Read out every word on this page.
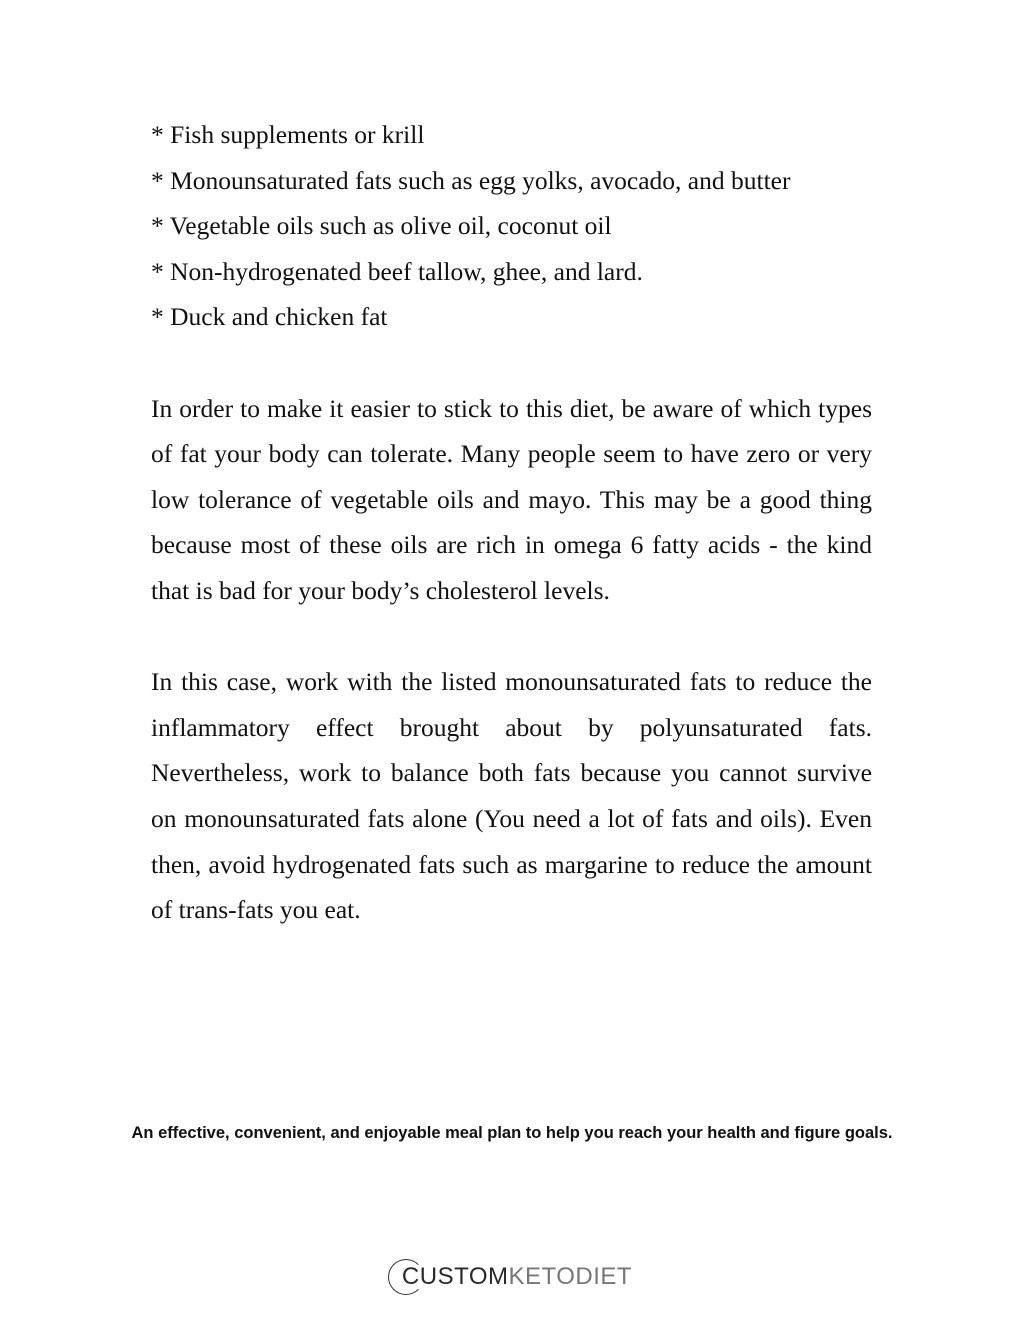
* Fish supplements or krill

* Monounsaturated fats such as egg yolks, avocado, and butter

* Vegetable oils such as olive oil, coconut oil

* Non-hydrogenated beef tallow, ghee, and lard.

* Duck and chicken fat

In order to make it easier to stick to this diet, be aware of which types of fat your body can tolerate. Many people seem to have zero or very low tolerance of vegetable oils and mayo. This may be a good thing because most of these oils are rich in omega 6 fatty acids - the kind that is bad for your body’s cholesterol levels.

In this case, work with the listed monounsaturated fats to reduce the inflammatory effect brought about by polyunsaturated fats. Nevertheless, work to balance both fats because you cannot survive on monounsaturated fats alone (You need a lot of fats and oils). Even then, avoid hydrogenated fats such as margarine to reduce the amount of trans-fats you eat.

An effective, convenient, and enjoyable meal plan to help you reach your health and figure goals.
CUSTOM KETODIET
